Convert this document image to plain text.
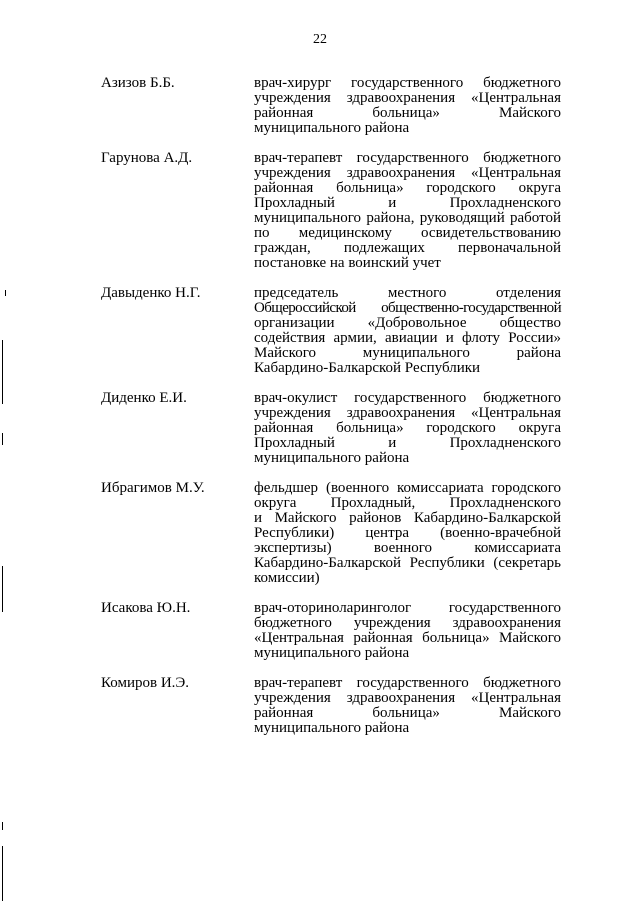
22
Азизов Б.Б.	врач-хирург государственного бюджетного
учреждения здравоохранения «Центральная
районная больница» Майского
муниципального района
Гарунова А.Д.	врач-терапевт государственного бюджетного
учреждения здравоохранения «Центральная
районная больница» городского округа
Прохладный и Прохладненского
муниципального района, руководящий работой
по медицинскому освидетельствованию
граждан, подлежащих первоначальной
постановке на воинский учет
Давыденко Н.Г.	председатель местного отделения
Общероссийской общественно-государственной
организации «Добровольное общество
содействия армии, авиации и флоту России»
Майского муниципального района
Кабардино-Балкарской Республики
Диденко Е.И.	врач-окулист государственного бюджетного
учреждения здравоохранения «Центральная
районная больница» городского округа
Прохладный и Прохладненского
муниципального района
Ибрагимов М.У.	фельдшер (военного комиссариата городского
округа Прохладный, Прохладненского
и Майского районов Кабардино-Балкарской
Республики) центра (военно-врачебной
экспертизы) военного комиссариата
Кабардино-Балкарской Республики (секретарь
комиссии)
Исакова Ю.Н.	врач-оториноларинголог государственного
бюджетного учреждения здравоохранения
«Центральная районная больница» Майского
муниципального района
Комиров И.Э.	врач-терапевт государственного бюджетного
учреждения здравоохранения «Центральная
районная больница» Майского
муниципального района
